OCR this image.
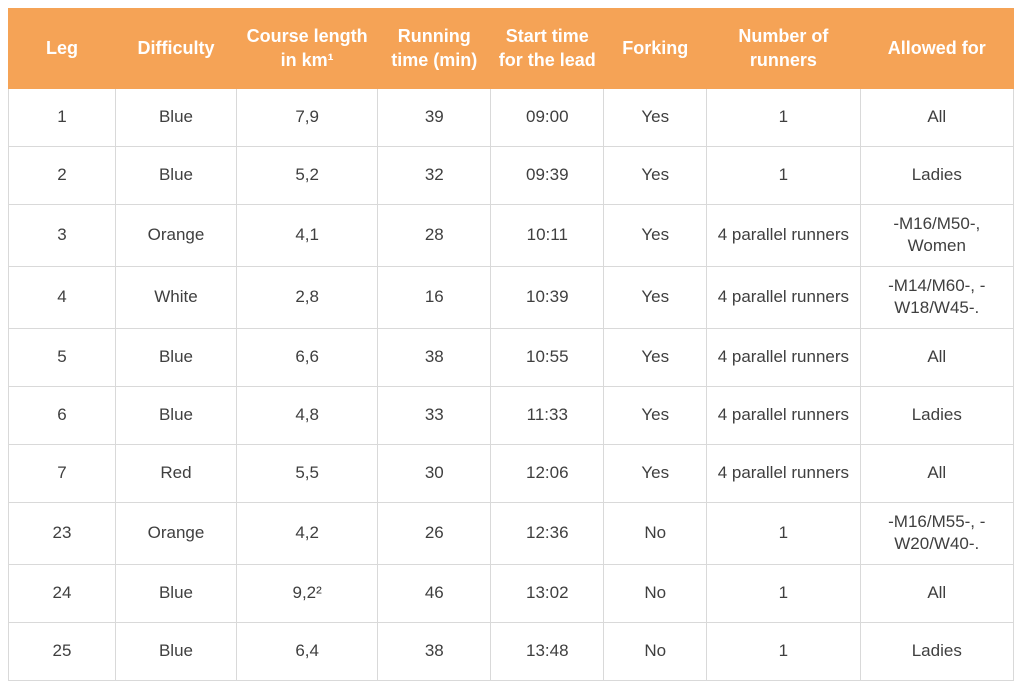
Leg	Difficulty	Course length in km¹	Running time (min)	Start time for the lead	Forking	Number of runners	Allowed for
1	Blue	7,9	39	09:00	Yes	1	All
2	Blue	5,2	32	09:39	Yes	1	Ladies
3	Orange	4,1	28	10:11	Yes	4 parallel runners	-M16/M50-, Women
4	White	2,8	16	10:39	Yes	4 parallel runners	-M14/M60-, -W18/W45-.
5	Blue	6,6	38	10:55	Yes	4 parallel runners	All
6	Blue	4,8	33	11:33	Yes	4 parallel runners	Ladies
7	Red	5,5	30	12:06	Yes	4 parallel runners	All
23	Orange	4,2	26	12:36	No	1	-M16/M55-, -W20/W40-.
24	Blue	9,2²	46	13:02	No	1	All
25	Blue	6,4	38	13:48	No	1	Ladies
